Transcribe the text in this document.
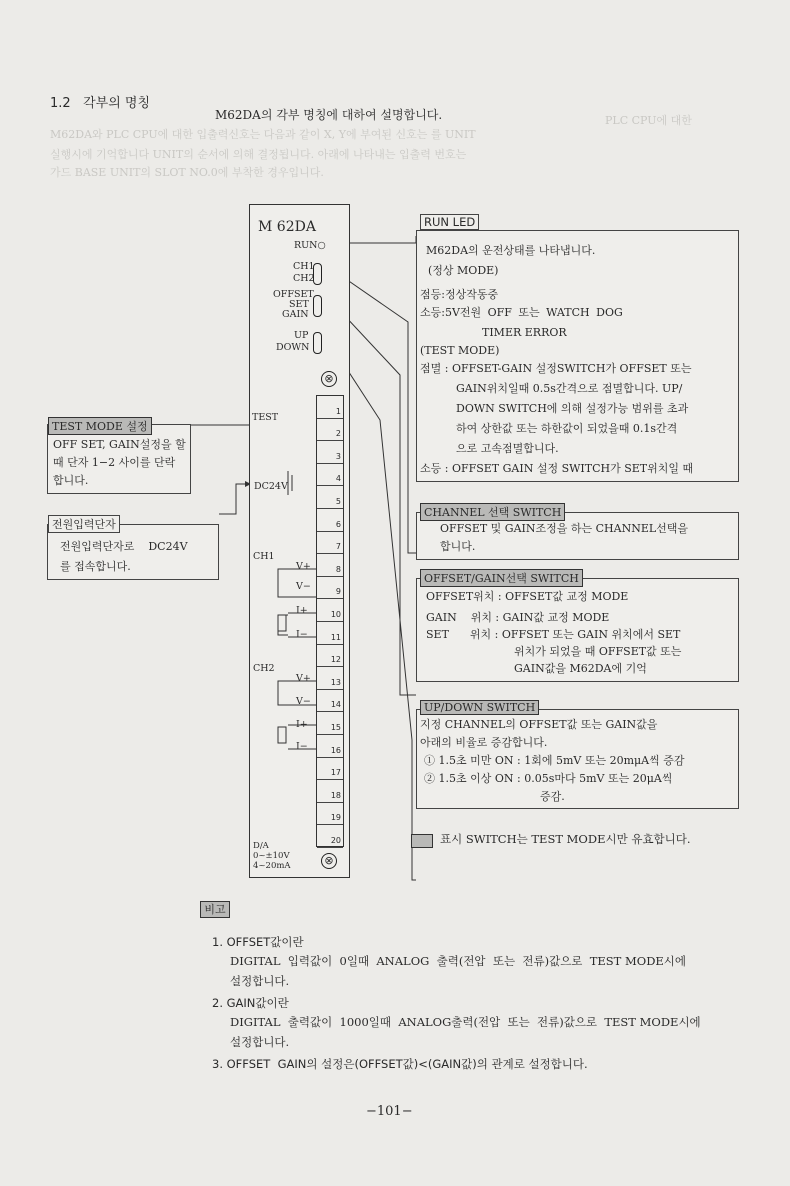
PLC CPU에 대한
M62DA와 PLC CPU에 대한 입출력신호는 다음과 같이 X, Y에 부여된 신호는 를 UNIT
실행시에 기억합니다 UNIT의 순서에 의해 결정됩니다. 아래에 나타내는 입출력 번호는
가드 BASE UNIT의 SLOT NO.0에 부착한 경우입니다.
1.2 각부의 명칭
M62DA의 각부 명칭에 대하여 설명합니다.
M 62DA
RUN○
CH1
CH2
OFFSET
SET
GAIN
UP
DOWN
⊗
⊗
TEST
DC24V
CH1
V+
V−
I+
I−
CH2
V+
V−
I+
I−
D/A
0~±10V
4~20mA
1
2
3
4
5
6
7
8
9
10
11
12
13
14
15
16
17
18
19
20
RUN LED
M62DA의 운전상태를 나타냅니다.
(정상 MODE)
점등:정상작동중
소등:5V전원 OFF 또는 WATCH DOG
TIMER ERROR
(TEST MODE)
점멸 : OFFSET-GAIN 설정SWITCH가 OFFSET 또는
GAIN위치일때 0.5s간격으로 점멸합니다. UP/
DOWN SWITCH에 의해 설정가능 범위를 초과
하여 상한값 또는 하한값이 되었을때 0.1s간격
으로 고속점멸합니다.
소등 : OFFSET GAIN 설정 SWITCH가 SET위치일 때
CHANNEL 선택 SWITCH
OFFSET 및 GAIN조정을 하는 CHANNEL선택을
합니다.
OFFSET/GAIN선택 SWITCH
OFFSET위치 : OFFSET값 교정 MODE
GAIN    위치 : GAIN값 교정 MODE
SET      위치 : OFFSET 또는 GAIN 위치에서 SET
위치가 되었을 때 OFFSET값 또는
GAIN값을 M62DA에 기억
UP/DOWN SWITCH
지정 CHANNEL의 OFFSET값 또는 GAIN값을
아래의 비율로 증감합니다.
① 1.5초 미만 ON : 1회에 5mV 또는 20mμA씩 증감
② 1.5초 이상 ON : 0.05s마다 5mV 또는 20μA씩
증감.
표시 SWITCH는 TEST MODE시만 유효합니다.
TEST MODE 설정
OFF SET, GAIN설정을 할
때 단자 1−2 사이를 단락
합니다.
전원입력단자
전원입력단자로    DC24V
를 접속합니다.
비고
1. OFFSET값이란
DIGITAL  입력값이  0일때  ANALOG  출력(전압  또는  전류)값으로  TEST MODE시에
설정합니다.
2. GAIN값이란
DIGITAL  출력값이  1000일때  ANALOG출력(전압  또는  전류)값으로  TEST MODE시에
설정합니다.
3. OFFSET  GAIN의 설정은(OFFSET값)<(GAIN값)의 관계로 설정합니다.
−101−
